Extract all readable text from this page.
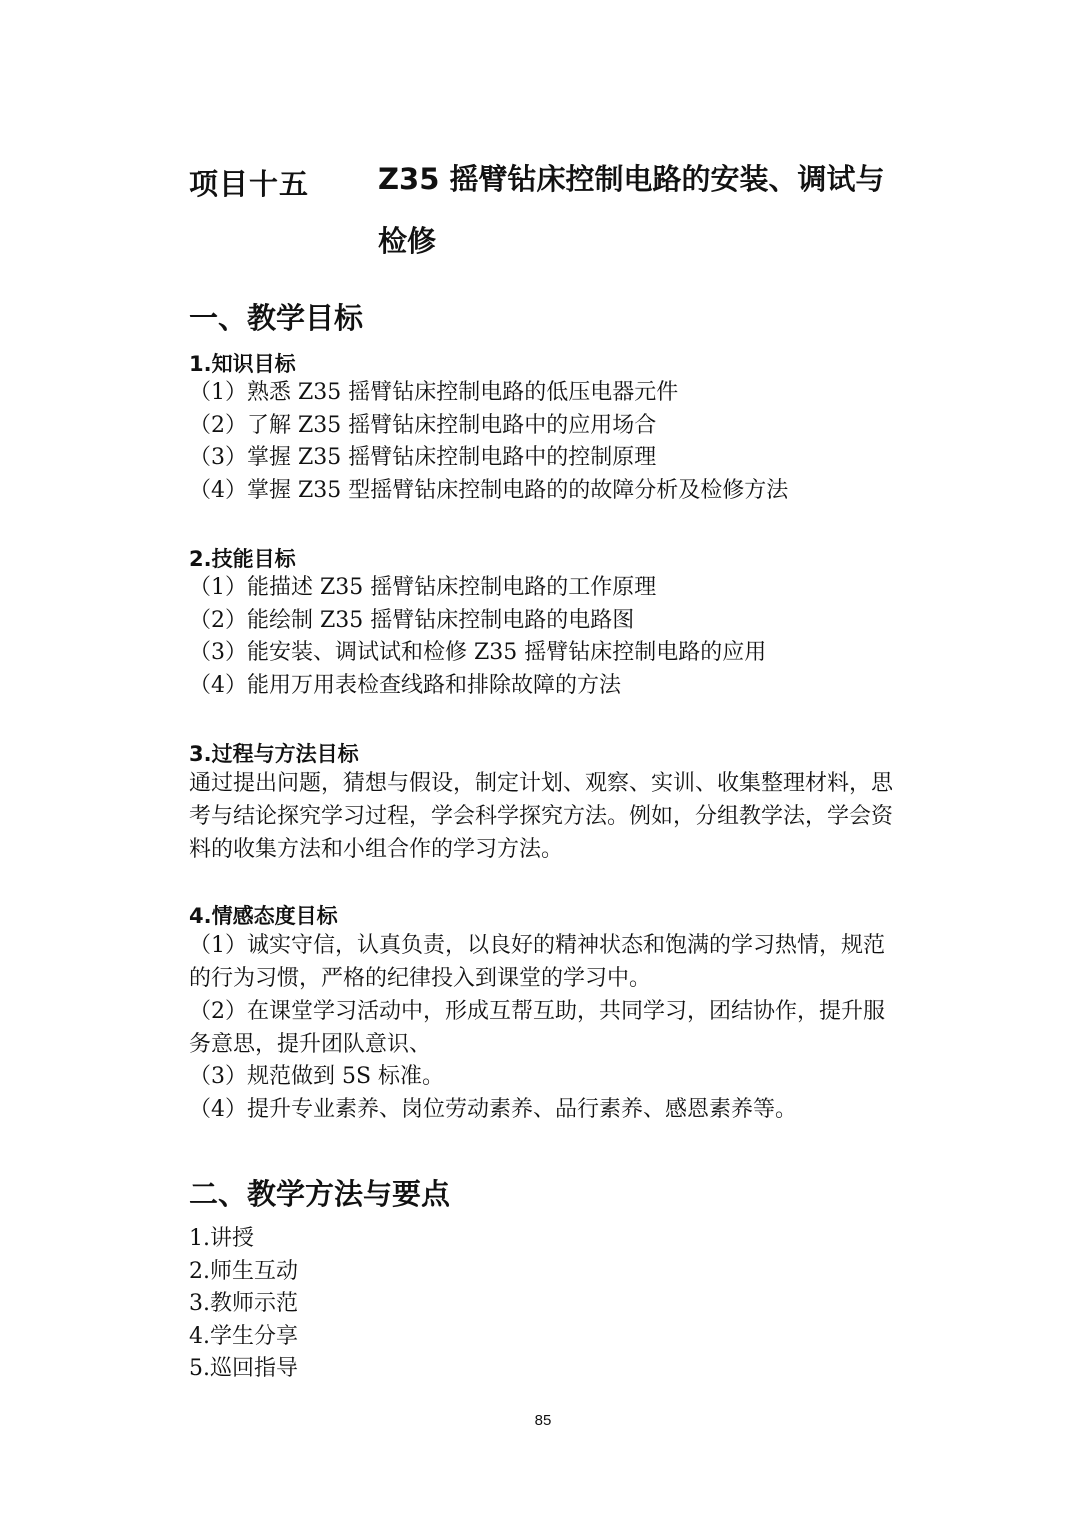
项目十五 Z35 摇臂钻床控制电路的安装、调试与检修
一、教学目标
1.知识目标
（1）熟悉 Z35 摇臂钻床控制电路的低压电器元件
（2）了解 Z35 摇臂钻床控制电路中的应用场合
（3）掌握 Z35 摇臂钻床控制电路中的控制原理
（4）掌握 Z35 型摇臂钻床控制电路的的故障分析及检修方法
2.技能目标
（1）能描述 Z35 摇臂钻床控制电路的工作原理
（2）能绘制 Z35 摇臂钻床控制电路的电路图
（3）能安装、调试试和检修 Z35 摇臂钻床控制电路的应用
（4）能用万用表检查线路和排除故障的方法
3.过程与方法目标
通过提出问题，猜想与假设，制定计划、观察、实训、收集整理材料，思考与结论探究学习过程，学会科学探究方法。例如，分组教学法，学会资料的收集方法和小组合作的学习方法。
4.情感态度目标
（1）诚实守信，认真负责，以良好的精神状态和饱满的学习热情，规范的行为习惯，严格的纪律投入到课堂的学习中。
（2）在课堂学习活动中，形成互帮互助，共同学习，团结协作，提升服务意思，提升团队意识、
（3）规范做到 5S 标准。
（4）提升专业素养、岗位劳动素养、品行素养、感恩素养等。
二、教学方法与要点
1.讲授
2.师生互动
3.教师示范
4.学生分享
5.巡回指导
85
